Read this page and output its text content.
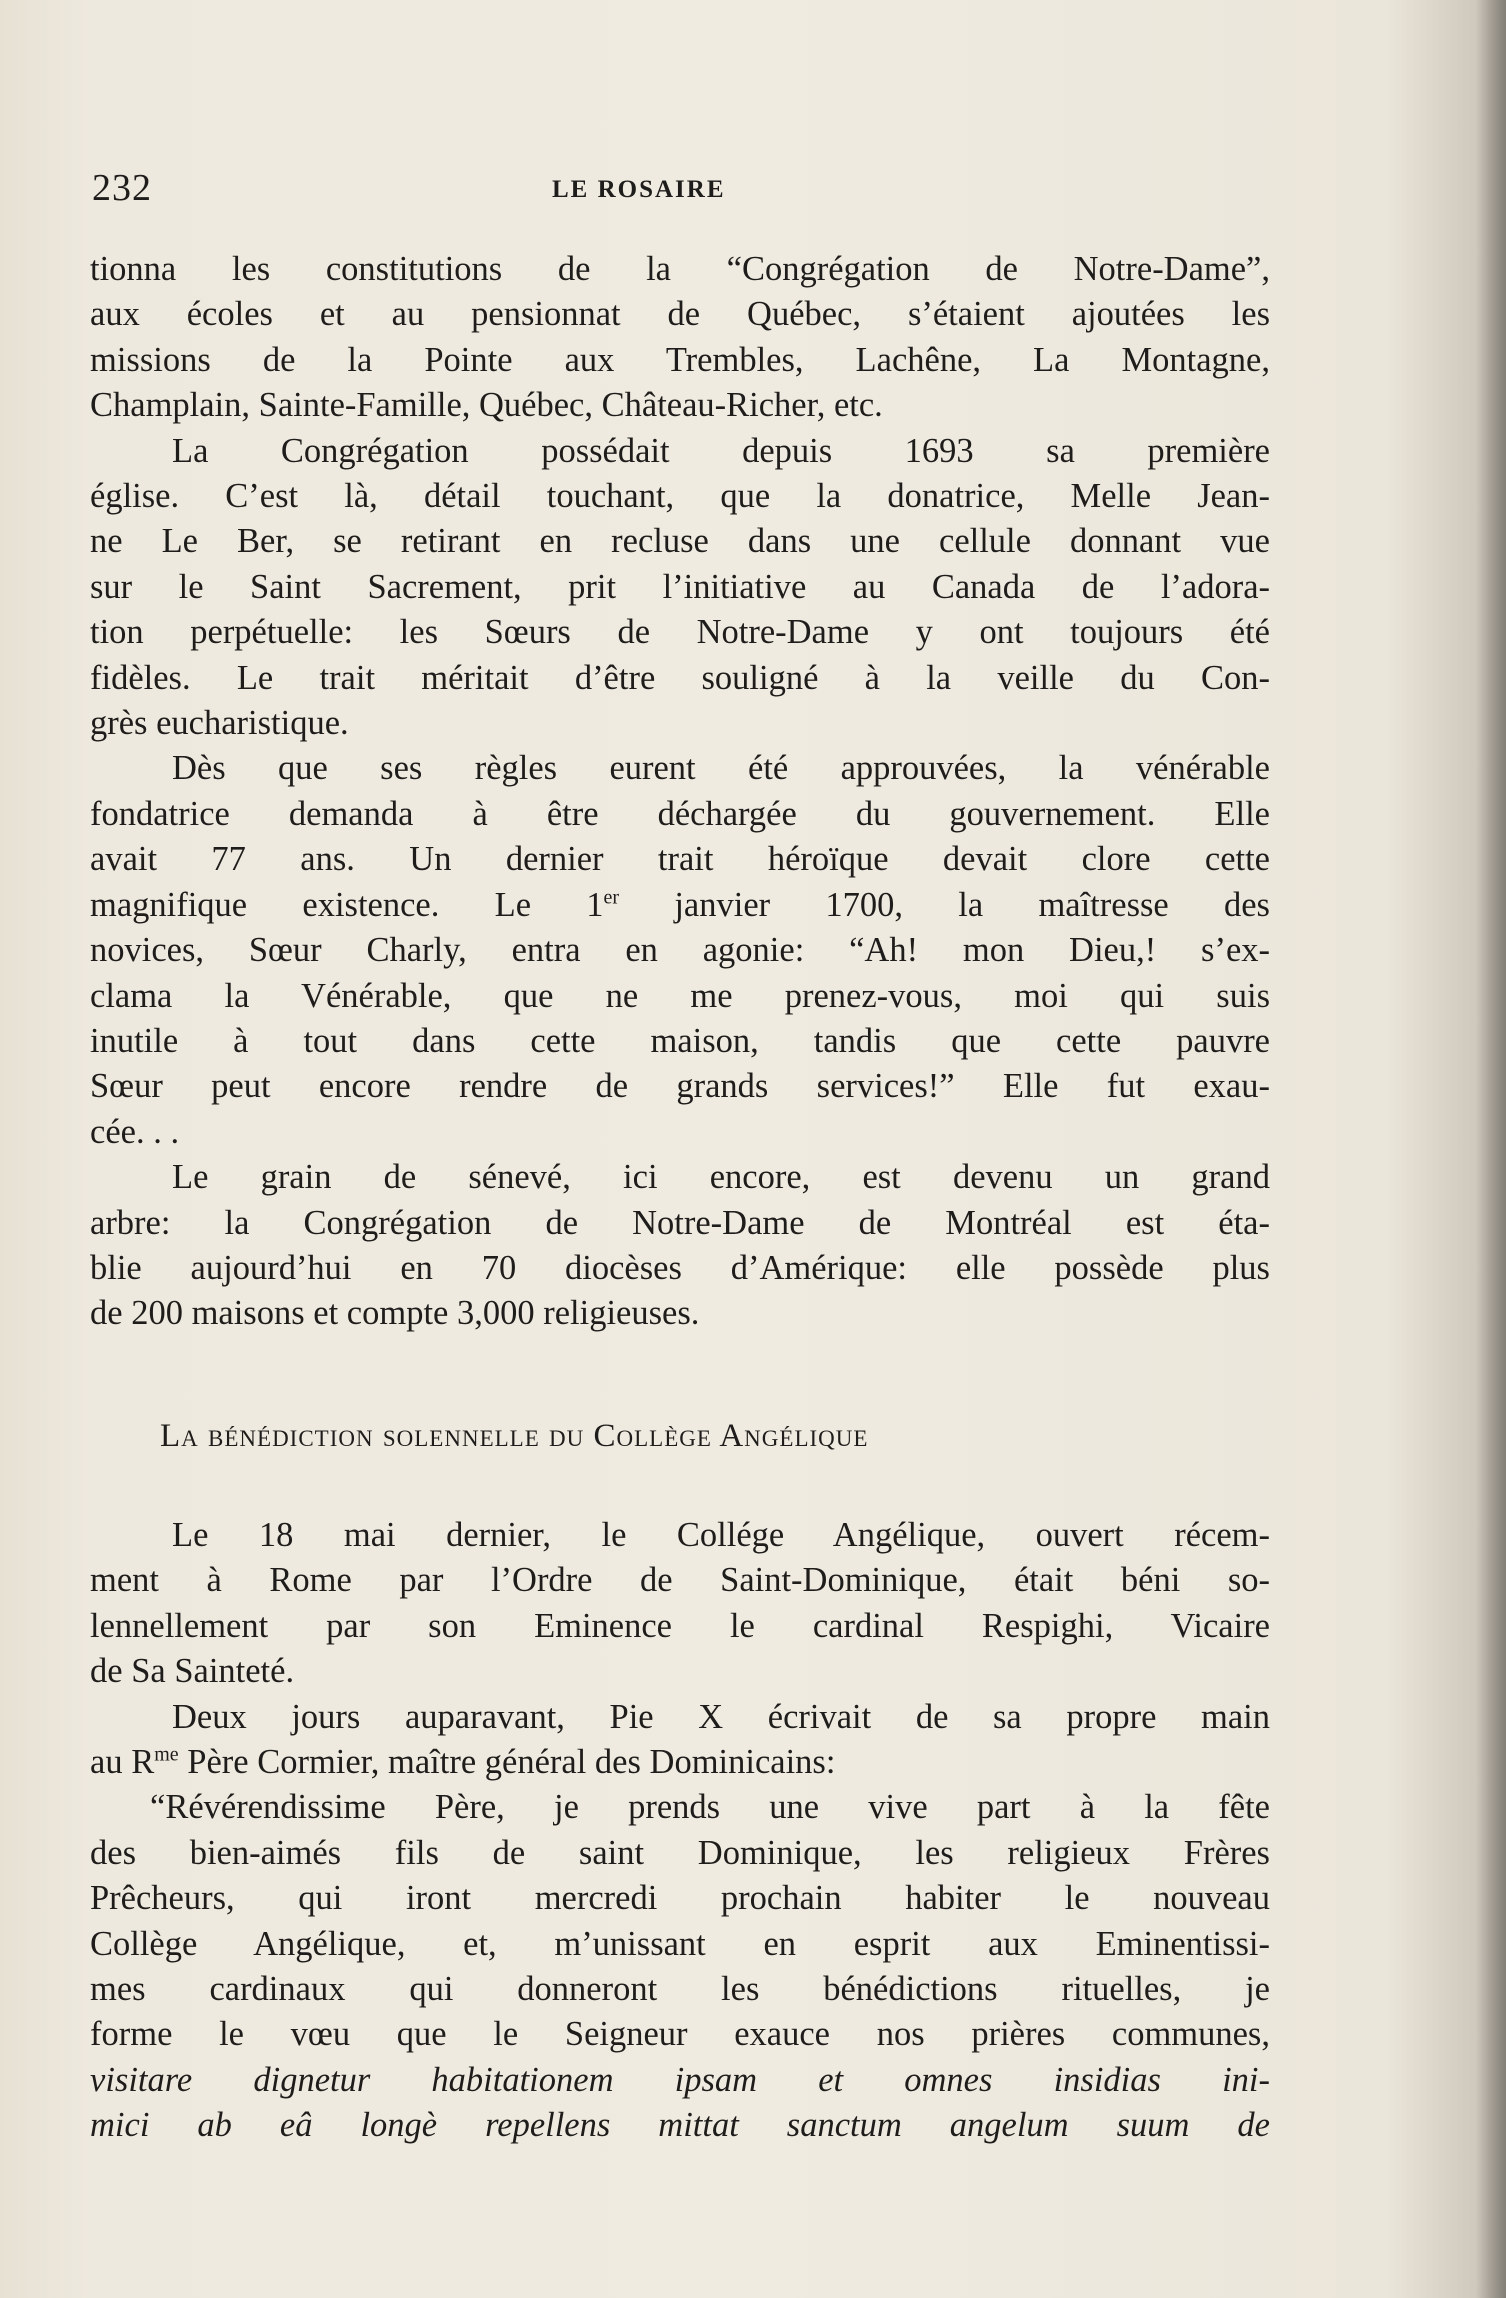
232	LE ROSAIRE

tionna les constitutions de la “Congrégation de Notre-Dame”,

aux écoles et au pensionnat de Québec, s’étaient ajoutées les

missions de la Pointe aux Trembles, Lachêne, La Montagne,

Champlain, Sainte-Famille, Québec, Château-Richer, etc.

La Congrégation possédait depuis 1693 sa première

église. C’est là, détail touchant, que la donatrice, Melle Jean-

ne Le Ber, se retirant en recluse dans une cellule donnant vue

sur le Saint Sacrement, prit l’initiative au Canada de l’adora-

tion perpétuelle: les Sœurs de Notre-Dame y ont toujours été

fidèles. Le trait méritait d’être souligné à la veille du Con-

grès eucharistique.

Dès que ses règles eurent été approuvées, la vénérable

fondatrice demanda à être déchargée du gouvernement. Elle

avait 77 ans. Un dernier trait héroïque devait clore cette

magnifique existence. Le 1er janvier 1700, la maîtresse des

novices, Sœur Charly, entra en agonie: “Ah! mon Dieu,! s’ex-

clama la Vénérable, que ne me prenez-vous, moi qui suis

inutile à tout dans cette maison, tandis que cette pauvre

Sœur peut encore rendre de grands services!” Elle fut exau-

cée. . .

Le grain de sénevé, ici encore, est devenu un grand

arbre: la Congrégation de Notre-Dame de Montréal est éta-

blie aujourd’hui en 70 diocèses d’Amérique: elle possède plus

de 200 maisons et compte 3,000 religieuses.

La bénédiction solennelle du Collège Angélique

Le 18 mai dernier, le Collége Angélique, ouvert récem-

ment à Rome par l’Ordre de Saint-Dominique, était béni so-

lennellement par son Eminence le cardinal Respighi, Vicaire

de Sa Sainteté.

Deux jours auparavant, Pie X écrivait de sa propre main

au $R^{me}$ Père Cormier, maître général des Dominicains:

“Révérendissime Père, je prends une vive part à la fête

des bien-aimés fils de saint Dominique, les religieux Frères

Prêcheurs, qui iront mercredi prochain habiter le nouveau

Collège Angélique, et, m’unissant en esprit aux Eminentissi-

mes cardinaux qui donneront les bénédictions rituelles, je

forme le vœu que le Seigneur exauce nos prières communes,

visitare dignetur habitationem ipsam et omnes insidias ini-

mici ab eâ longè repellens mittat sanctum angelum suum de
